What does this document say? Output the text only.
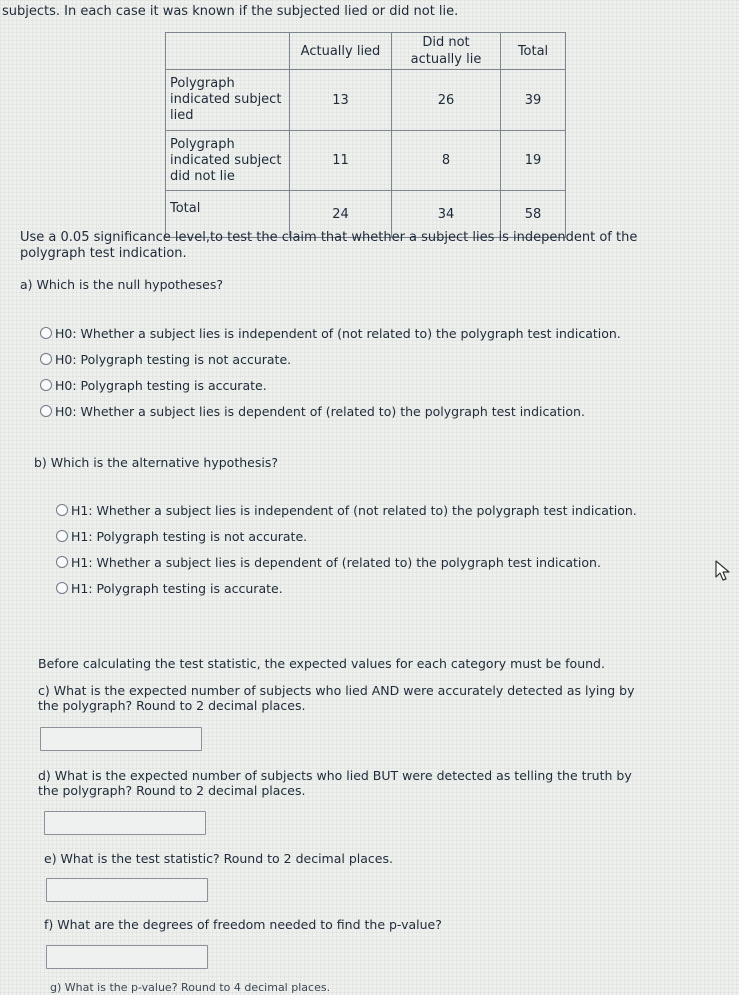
subjects. In each case it was known if the subjected lied or did not lie.
	Actually lied	Did not actually lie	Total
Polygraph indicated subject lied	13	26	39
Polygraph indicated subject did not lie	11	8	19
Total	24	34	58
Use a 0.05 significance level,to test the claim that whether a subject lies is independent of the polygraph test indication.
a) Which is the null hypotheses?
H0: Whether a subject lies is independent of (not related to) the polygraph test indication.
H0: Polygraph testing is not accurate.
H0: Polygraph testing is accurate.
H0: Whether a subject lies is dependent of (related to) the polygraph test indication.
b) Which is the alternative hypothesis?
H1: Whether a subject lies is independent of (not related to) the polygraph test indication.
H1: Polygraph testing is not accurate.
H1: Whether a subject lies is dependent of (related to) the polygraph test indication.
H1: Polygraph testing is accurate.
Before calculating the test statistic, the expected values for each category must be found.
c) What is the expected number of subjects who lied AND were accurately detected as lying by the polygraph? Round to 2 decimal places.
d) What is the expected number of subjects who lied BUT were detected as telling the truth by the polygraph? Round to 2 decimal places.
e) What is the test statistic? Round to 2 decimal places.
f) What are the degrees of freedom needed to find the p-value?
g) What is the p-value? Round to 4 decimal places.
